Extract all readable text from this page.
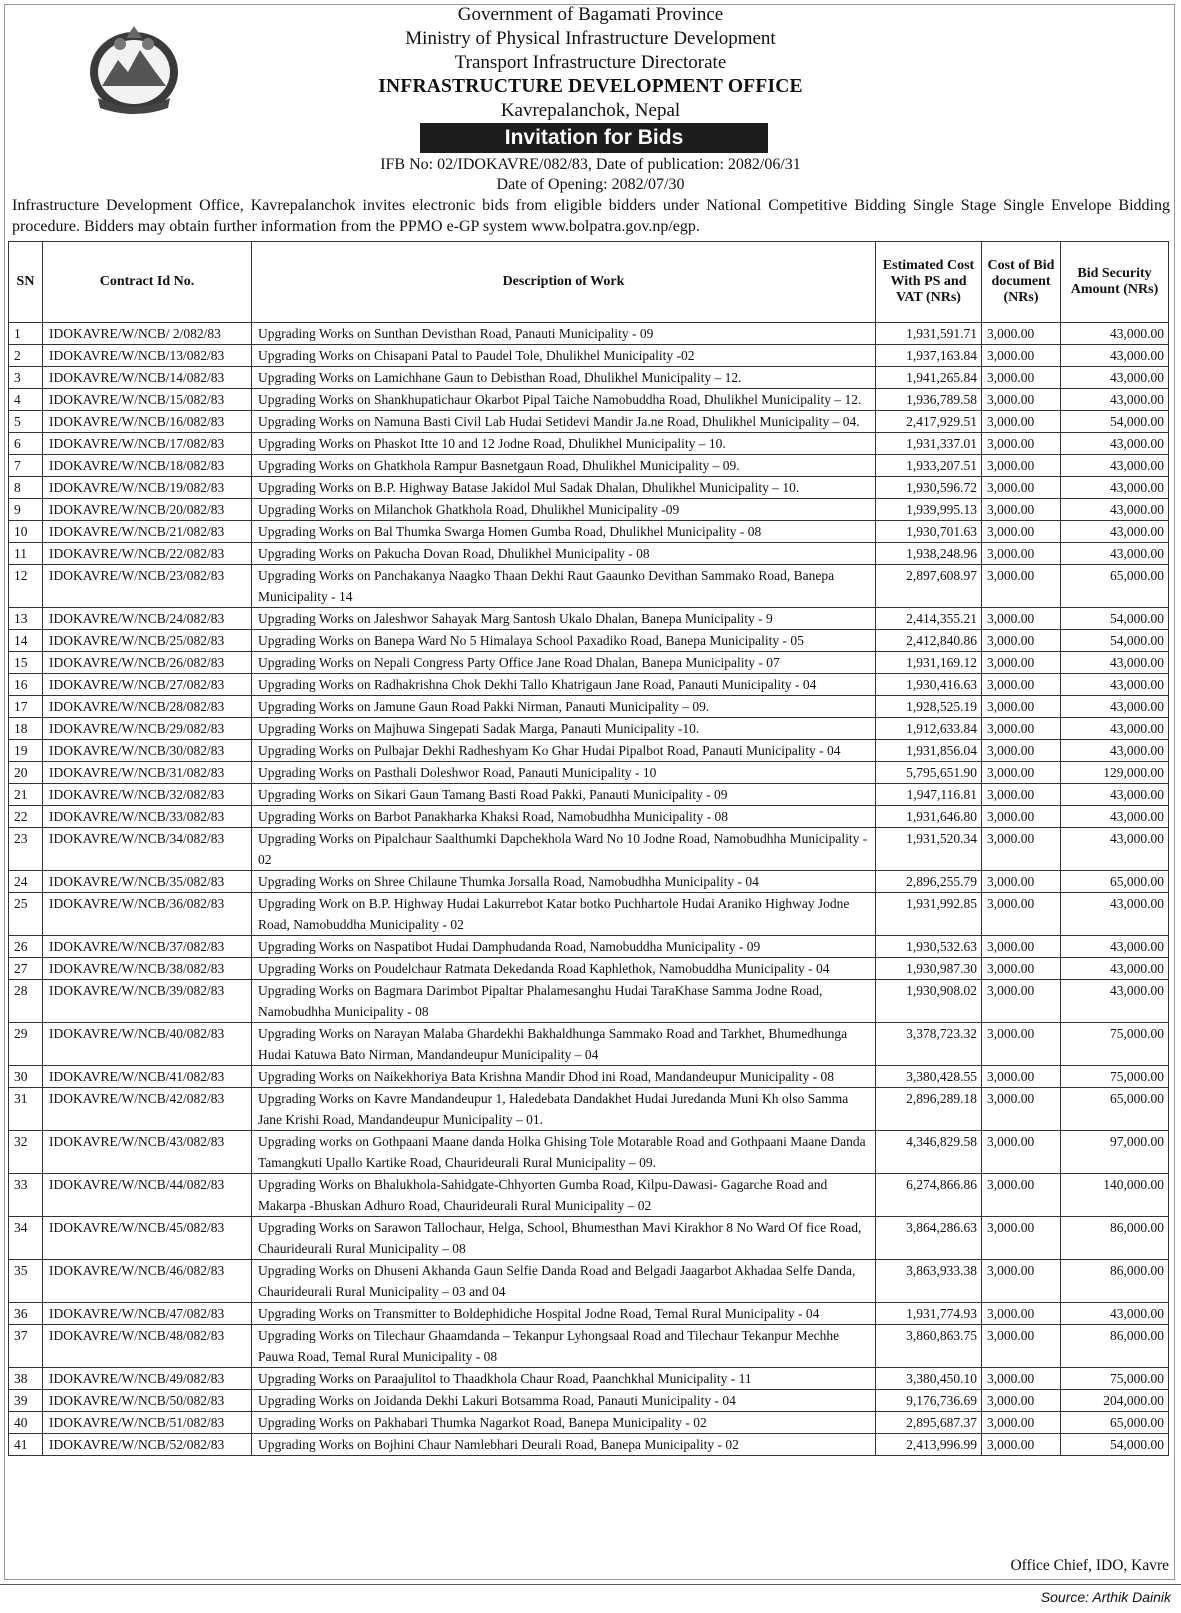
Government of Bagamati Province
Ministry of Physical Infrastructure Development
Transport Infrastructure Directorate
INFRASTRUCTURE DEVELOPMENT OFFICE
Kavrepalanchok, Nepal
Invitation for Bids
IFB No: 02/IDOKAVRE/082/83, Date of publication: 2082/06/31
Date of Opening: 2082/07/30
Infrastructure Development Office, Kavrepalanchok invites electronic bids from eligible bidders under National Competitive Bidding Single Stage Single Envelope Bidding procedure. Bidders may obtain further information from the PPMO e-GP system www.bolpatra.gov.np/egp.
SN	Contract Id No.	Description of Work	Estimated Cost With PS and VAT (NRs)	Cost of Bid document (NRs)	Bid Security Amount (NRs)
1	IDOKAVRE/W/NCB/ 2/082/83	Upgrading Works on Sunthan Devisthan Road, Panauti Municipality - 09	1,931,591.71	3,000.00	43,000.00
2	IDOKAVRE/W/NCB/13/082/83	Upgrading Works on Chisapani Patal to Paudel Tole, Dhulikhel Municipality -02	1,937,163.84	3,000.00	43,000.00
3	IDOKAVRE/W/NCB/14/082/83	Upgrading Works on Lamichhane Gaun to Debisthan Road, Dhulikhel Municipality – 12.	1,941,265.84	3,000.00	43,000.00
4	IDOKAVRE/W/NCB/15/082/83	Upgrading Works on Shankhupatichaur Okarbot Pipal Taiche Namobuddha Road, Dhulikhel Municipality – 12.	1,936,789.58	3,000.00	43,000.00
5	IDOKAVRE/W/NCB/16/082/83	Upgrading Works on Namuna Basti Civil Lab Hudai Setidevi Mandir Ja.ne Road, Dhulikhel Municipality – 04.	2,417,929.51	3,000.00	54,000.00
6	IDOKAVRE/W/NCB/17/082/83	Upgrading Works on Phaskot Itte 10 and 12 Jodne Road, Dhulikhel Municipality – 10.	1,931,337.01	3,000.00	43,000.00
7	IDOKAVRE/W/NCB/18/082/83	Upgrading Works on Ghatkhola Rampur Basnetgaun Road, Dhulikhel Municipality – 09.	1,933,207.51	3,000.00	43,000.00
8	IDOKAVRE/W/NCB/19/082/83	Upgrading Works on B.P. Highway Batase Jakidol Mul Sadak Dhalan, Dhulikhel Municipality – 10.	1,930,596.72	3,000.00	43,000.00
9	IDOKAVRE/W/NCB/20/082/83	Upgrading Works on Milanchok Ghatkhola Road, Dhulikhel Municipality -09	1,939,995.13	3,000.00	43,000.00
10	IDOKAVRE/W/NCB/21/082/83	Upgrading Works on Bal Thumka Swarga Homen Gumba Road, Dhulikhel Municipality - 08	1,930,701.63	3,000.00	43,000.00
11	IDOKAVRE/W/NCB/22/082/83	Upgrading Works on Pakucha Dovan Road, Dhulikhel Municipality - 08	1,938,248.96	3,000.00	43,000.00
12	IDOKAVRE/W/NCB/23/082/83	Upgrading Works on Panchakanya Naagko Thaan Dekhi Raut Gaaunko Devithan Sammako Road, Banepa Municipality - 14	2,897,608.97	3,000.00	65,000.00
13	IDOKAVRE/W/NCB/24/082/83	Upgrading Works on Jaleshwor Sahayak Marg Santosh Ukalo Dhalan, Banepa Municipality - 9	2,414,355.21	3,000.00	54,000.00
14	IDOKAVRE/W/NCB/25/082/83	Upgrading Works on Banepa Ward No 5 Himalaya School Paxadiko Road, Banepa Municipality - 05	2,412,840.86	3,000.00	54,000.00
15	IDOKAVRE/W/NCB/26/082/83	Upgrading Works on Nepali Congress Party Office Jane Road Dhalan, Banepa Municipality - 07	1,931,169.12	3,000.00	43,000.00
16	IDOKAVRE/W/NCB/27/082/83	Upgrading Works on Radhakrishna Chok Dekhi Tallo Khatrigaun Jane Road, Panauti Municipality - 04	1,930,416.63	3,000.00	43,000.00
17	IDOKAVRE/W/NCB/28/082/83	Upgrading Works on Jamune Gaun Road Pakki Nirman, Panauti Municipality – 09.	1,928,525.19	3,000.00	43,000.00
18	IDOKAVRE/W/NCB/29/082/83	Upgrading Works on Majhuwa Singepati Sadak Marga, Panauti Municipality -10.	1,912,633.84	3,000.00	43,000.00
19	IDOKAVRE/W/NCB/30/082/83	Upgrading Works on Pulbajar Dekhi Radheshyam Ko Ghar Hudai Pipalbot Road, Panauti Municipality - 04	1,931,856.04	3,000.00	43,000.00
20	IDOKAVRE/W/NCB/31/082/83	Upgrading Works on Pasthali Doleshwor Road, Panauti Municipality - 10	5,795,651.90	3,000.00	129,000.00
21	IDOKAVRE/W/NCB/32/082/83	Upgrading Works on Sikari Gaun Tamang Basti Road Pakki, Panauti Municipality - 09	1,947,116.81	3,000.00	43,000.00
22	IDOKAVRE/W/NCB/33/082/83	Upgrading Works on Barbot Panakharka Khaksi Road, Namobudhha Municipality - 08	1,931,646.80	3,000.00	43,000.00
23	IDOKAVRE/W/NCB/34/082/83	Upgrading Works on Pipalchaur Saalthumki Dapchekhola Ward No 10 Jodne Road, Namobudhha Municipality - 02	1,931,520.34	3,000.00	43,000.00
24	IDOKAVRE/W/NCB/35/082/83	Upgrading Works on Shree Chilaune Thumka Jorsalla Road, Namobudhha Municipality - 04	2,896,255.79	3,000.00	65,000.00
25	IDOKAVRE/W/NCB/36/082/83	Upgrading Work on B.P. Highway Hudai Lakurrebot Katar botko Puchhartole Hudai Araniko Highway Jodne Road, Namobuddha Municipality - 02	1,931,992.85	3,000.00	43,000.00
26	IDOKAVRE/W/NCB/37/082/83	Upgrading Works on Naspatibot Hudai Damphudanda Road, Namobuddha Municipality - 09	1,930,532.63	3,000.00	43,000.00
27	IDOKAVRE/W/NCB/38/082/83	Upgrading Works on Poudelchaur Ratmata Dekedanda Road Kaphlethok, Namobuddha Municipality - 04	1,930,987.30	3,000.00	43,000.00
28	IDOKAVRE/W/NCB/39/082/83	Upgrading Works on Bagmara Darimbot Pipaltar Phalamesanghu Hudai TaraKhase Samma Jodne Road, Namobudhha Municipality - 08	1,930,908.02	3,000.00	43,000.00
29	IDOKAVRE/W/NCB/40/082/83	Upgrading Works on Narayan Malaba Ghardekhi Bakhaldhunga Sammako Road and Tarkhet, Bhumedhunga Hudai Katuwa Bato Nirman, Mandandeupur Municipality – 04	3,378,723.32	3,000.00	75,000.00
30	IDOKAVRE/W/NCB/41/082/83	Upgrading Works on Naikekhoriya Bata Krishna Mandir Dhod ini Road, Mandandeupur Municipality - 08	3,380,428.55	3,000.00	75,000.00
31	IDOKAVRE/W/NCB/42/082/83	Upgrading Works on Kavre Mandandeupur 1, Haledebata Dandakhet Hudai Juredanda Muni Kh olso Samma Jane Krishi Road, Mandandeupur Municipality – 01.	2,896,289.18	3,000.00	65,000.00
32	IDOKAVRE/W/NCB/43/082/83	Upgrading works on Gothpaani Maane danda Holka Ghising Tole Motarable Road and Gothpaani Maane Danda Tamangkuti Upallo Kartike Road, Chaurideurali Rural Municipality – 09.	4,346,829.58	3,000.00	97,000.00
33	IDOKAVRE/W/NCB/44/082/83	Upgrading Works on Bhalukhola-Sahidgate-Chhyorten Gumba Road, Kilpu-Dawasi- Gagarche Road and Makarpa -Bhuskan Adhuro Road, Chaurideurali Rural Municipality – 02	6,274,866.86	3,000.00	140,000.00
34	IDOKAVRE/W/NCB/45/082/83	Upgrading Works on Sarawon Tallochaur, Helga, School, Bhumesthan Mavi Kirakhor 8 No Ward Of fice Road, Chaurideurali Rural Municipality – 08	3,864,286.63	3,000.00	86,000.00
35	IDOKAVRE/W/NCB/46/082/83	Upgrading Works on Dhuseni Akhanda Gaun Selfie Danda Road and Belgadi Jaagarbot Akhadaa Selfe Danda, Chaurideurali Rural Municipality – 03 and 04	3,863,933.38	3,000.00	86,000.00
36	IDOKAVRE/W/NCB/47/082/83	Upgrading Works on Transmitter to Boldephidiche Hospital Jodne Road, Temal Rural Municipality - 04	1,931,774.93	3,000.00	43,000.00
37	IDOKAVRE/W/NCB/48/082/83	Upgrading Works on Tilechaur Ghaamdanda – Tekanpur Lyhongsaal Road and Tilechaur Tekanpur Mechhe Pauwa Road, Temal Rural Municipality - 08	3,860,863.75	3,000.00	86,000.00
38	IDOKAVRE/W/NCB/49/082/83	Upgrading Works on Paraajulitol to Thaadkhola Chaur Road, Paanchkhal Municipality - 11	3,380,450.10	3,000.00	75,000.00
39	IDOKAVRE/W/NCB/50/082/83	Upgrading Works on Joidanda Dekhi Lakuri Botsamma Road, Panauti Municipality - 04	9,176,736.69	3,000.00	204,000.00
40	IDOKAVRE/W/NCB/51/082/83	Upgrading Works on Pakhabari Thumka Nagarkot Road, Banepa Municipality - 02	2,895,687.37	3,000.00	65,000.00
41	IDOKAVRE/W/NCB/52/082/83	Upgrading Works on Bojhini Chaur Namlebhari Deurali Road, Banepa Municipality - 02	2,413,996.99	3,000.00	54,000.00
Office Chief, IDO, Kavre
Source: Arthik Dainik
